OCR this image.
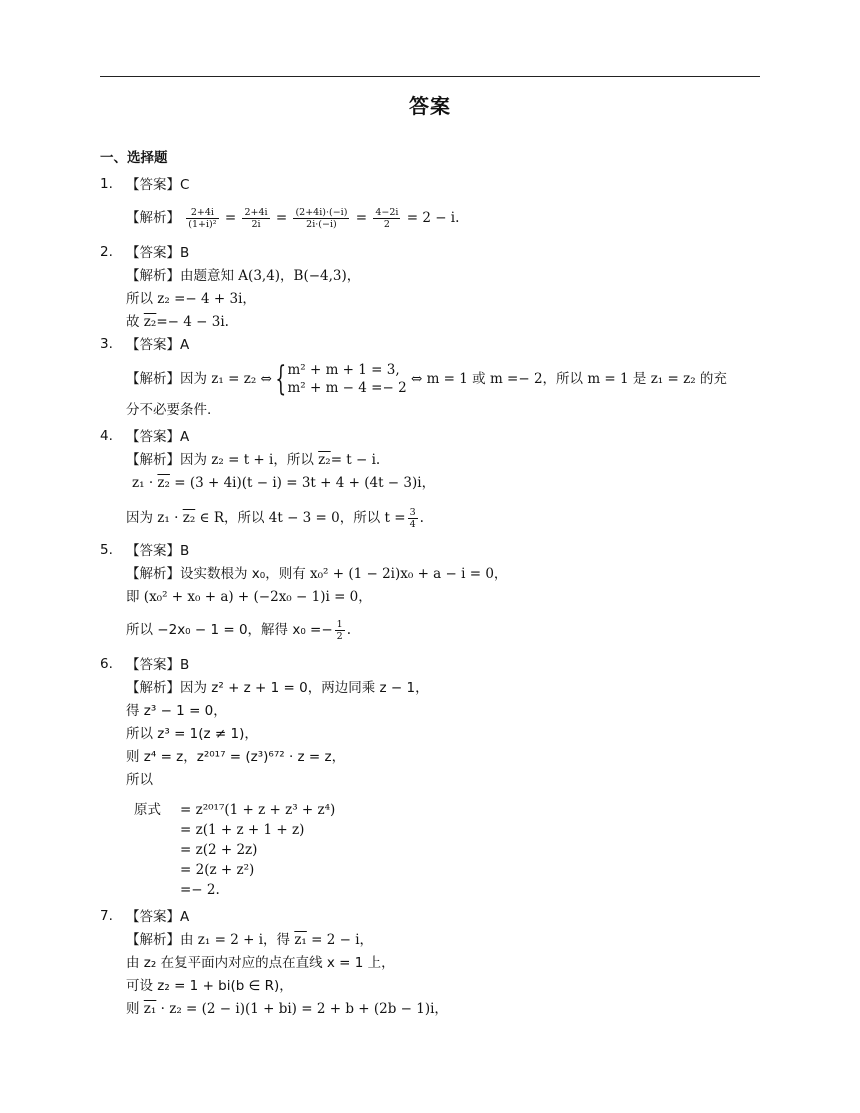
答案
一、选择题
1. 【答案】C
【解析】 $\frac{2+4i}{\text{(1+i)²}} = \frac{2+4i}{2i} = \frac{(2+4i)\cdot(-i)}{2i\cdot(-i)} = \frac{4-2i}{2} = 2 - i$.
2. 【答案】B
【解析】由题意知 A(3,4)，B(−4,3)，
所以 z₂ =− 4 + 3i，
故 z₂=− 4 − 3i.
3. 【答案】A
【解析】因为 z₁ = z₂ ⇔ { m² + m + 1 = 3,
m² + m − 4 =− 2
⇔ m = 1 或 m =− 2，所以 m = 1 是 z₁ = z₂ 的充
分不必要条件.
4. 【答案】A
【解析】因为 z₂ = t + i，所以 z₂= t − i.
z₁ · z₂ = (3 + 4i)(t − i) = 3t + 4 + (4t − 3)i，
因为 z₁ · z₂ ∈ R，所以 4t − 3 = 0，所以 $t = \frac{3}{4}$ .
5. 【答案】B
【解析】设实数根为 x₀，则有 x₀² + (1 − 2i)x₀ + a − i = 0，
即 (x₀² + x₀ + a) + (−2x₀ − 1)i = 0，
所以 −2x₀ − 1 = 0，解得 $x_0 =- \frac{1}{2}$ .
6. 【答案】B
【解析】因为 z² + z + 1 = 0，两边同乘 z − 1，
得 z³ − 1 = 0，
所以 z³ = 1(z ≠ 1)，
则 z⁴ = z，z²⁰¹⁷ = (z³)⁶⁷² · z = z，
所以
原式 = z²⁰¹⁷(1 + z + z³ + z⁴)
= z(1 + z + 1 + z)
= z(2 + 2z)
= 2(z + z²)
=− 2.
7. 【答案】A
【解析】由 z₁ = 2 + i，得 z₁ = 2 − i，
由 z₂ 在复平面内对应的点在直线 x = 1 上，
可设 z₂ = 1 + bi(b ∈ R)，
则 z₁ · z₂ = (2 − i)(1 + bi) = 2 + b + (2b − 1)i，
